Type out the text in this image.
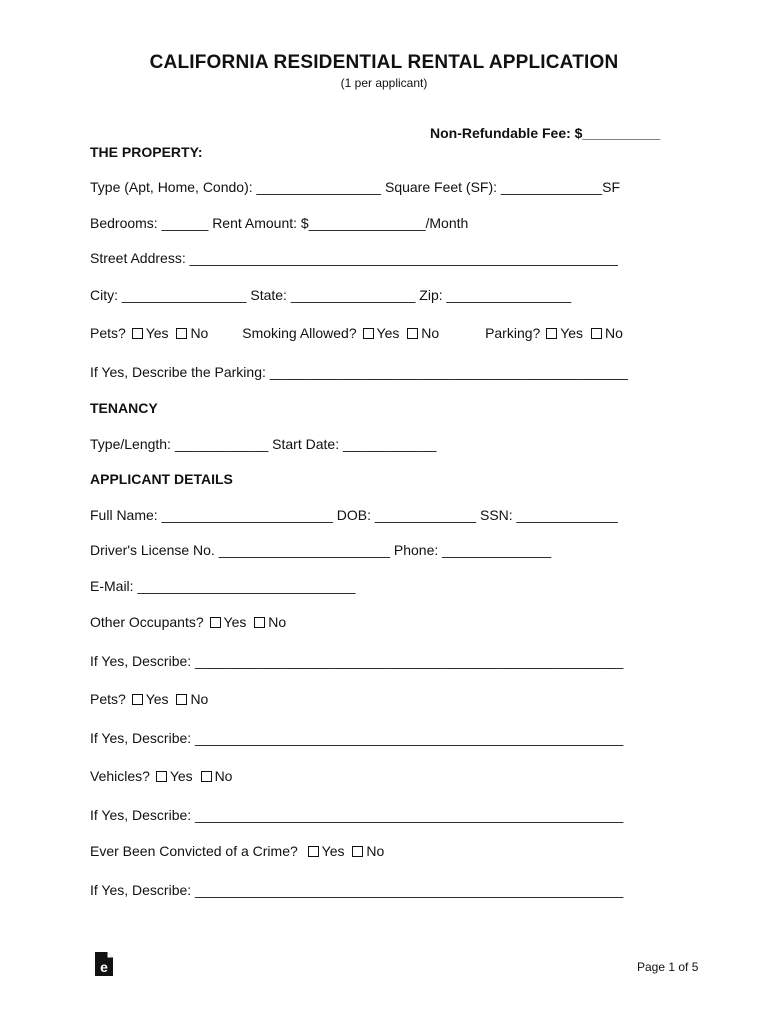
CALIFORNIA RESIDENTIAL RENTAL APPLICATION
(1 per applicant)
Non-Refundable Fee: $__________
THE PROPERTY:
Type (Apt, Home, Condo): ________________ Square Feet (SF): _____________SF
Bedrooms: ______ Rent Amount: $_______________/Month
Street Address: _______________________________________________________
City: ________________ State: ________________ Zip: ________________
Pets? Yes No Smoking Allowed? Yes No	Parking? Yes No
If Yes, Describe the Parking: ______________________________________________
TENANCY
Type/Length: ____________ Start Date: ____________
APPLICANT DETAILS
Full Name: ______________________ DOB: _____________ SSN: _____________
Driver's License No. ______________________ Phone: ______________
E-Mail: ____________________________
Other Occupants? Yes No
If Yes, Describe: _______________________________________________________
Pets? Yes No
If Yes, Describe: _______________________________________________________
Vehicles? Yes No
If Yes, Describe: _______________________________________________________
Ever Been Convicted of a Crime? Yes No
If Yes, Describe: _______________________________________________________
e	Page 1 of 5
